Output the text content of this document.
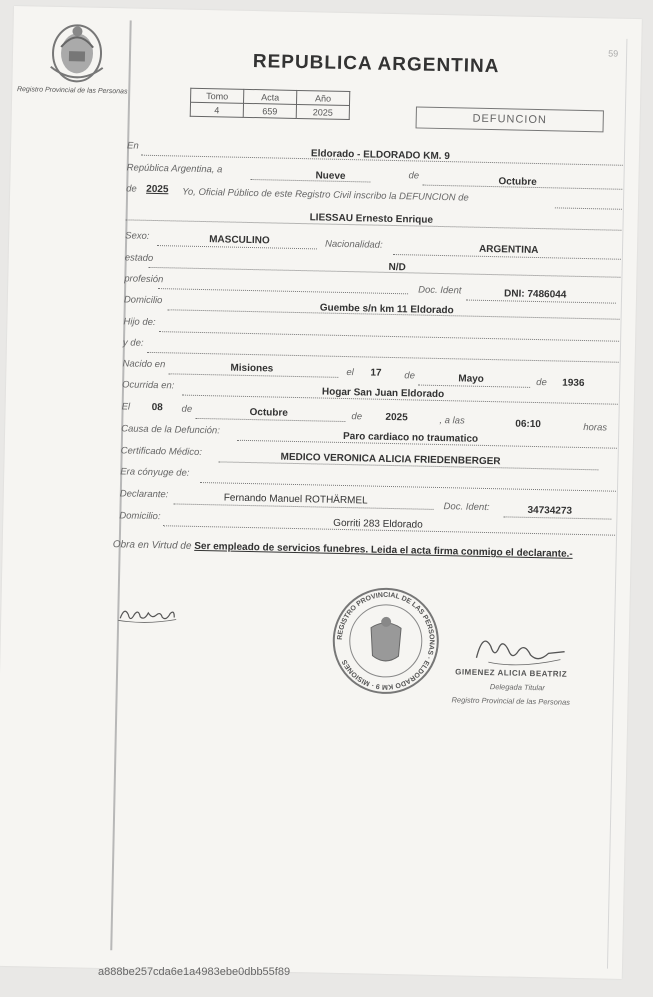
Registro Provincial de las Personas
59
REPUBLICA ARGENTINA
Tomo	Acta	Año
4	659	2025
DEFUNCION
En
Eldorado - ELDORADO KM. 9
República Argentina, a
Nueve	de
Octubre
de 2025 Yo, Oficial Público de este Registro Civil inscribo la DEFUNCION de
LIESSAU Ernesto Enrique
Sexo:	MASCULINO	Nacionalidad:	ARGENTINA
estado
N/D
profesión
Doc. Ident	DNI: 7486044
Domicilio
Guembe s/n km 11 Eldorado
Hijo de:
y de:
Nacido en	Misiones	el 17 de	Mayo	de 1936
Ocurrida en:
Hogar San Juan Eldorado
El 08 de	Octubre	de 2025	, a las	06:10	horas
Causa de la Defunción:
Paro cardiaco no traumatico
Certificado Médico:	MEDICO VERONICA ALICIA FRIEDENBERGER
Era cónyuge de:
Declarante:	Fernando Manuel ROTHÄRMEL
Doc. Ident:	34734273
Domicilio:
Gorriti 283 Eldorado
Obra en Virtud de Ser empleado de servicios funebres. Leida el acta firma conmigo el declarante.-
REGISTRO PROVINCIAL DE LAS PERSONAS · ELDORADO KM 9 · MISIONES
GIMENEZ ALICIA BEATRIZ
Delegada Titular
Registro Provincial de las Personas
a888be257cda6e1a4983ebe0dbb55f89
